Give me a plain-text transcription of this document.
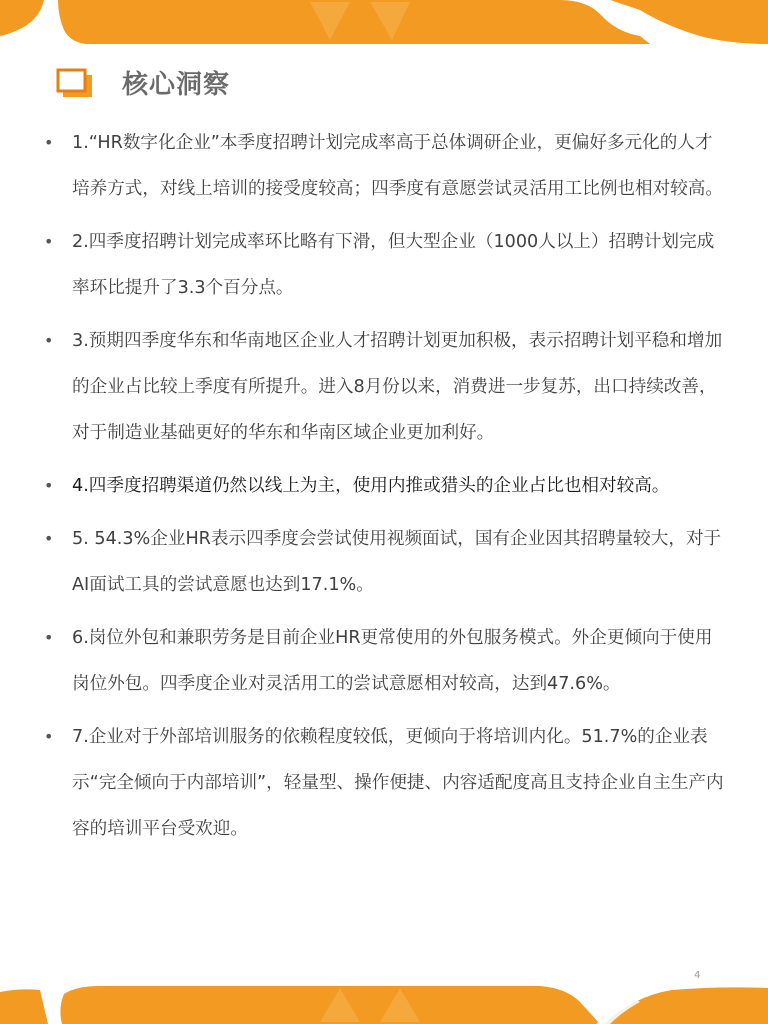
核心洞察
• 1.“HR数字化企业”本季度招聘计划完成率高于总体调研企业，更偏好多元化的人才培养方式，对线上培训的接受度较高；四季度有意愿尝试灵活用工比例也相对较高。
• 2.四季度招聘计划完成率环比略有下滑，但大型企业（1000人以上）招聘计划完成率环比提升了3.3个百分点。
• 3.预期四季度华东和华南地区企业人才招聘计划更加积极，表示招聘计划平稳和增加的企业占比较上季度有所提升。进入8月份以来，消费进一步复苏，出口持续改善，对于制造业基础更好的华东和华南区域企业更加利好。
• 4.四季度招聘渠道仍然以线上为主，使用内推或猎头的企业占比也相对较高。
• 5. 54.3%企业HR表示四季度会尝试使用视频面试，国有企业因其招聘量较大，对于AI面试工具的尝试意愿也达到17.1%。
• 6.岗位外包和兼职劳务是目前企业HR更常使用的外包服务模式。外企更倾向于使用岗位外包。四季度企业对灵活用工的尝试意愿相对较高，达到47.6%。
• 7.企业对于外部培训服务的依赖程度较低，更倾向于将培训内化。51.7%的企业表示“完全倾向于内部培训”，轻量型、操作便捷、内容适配度高且支持企业自主生产内容的培训平台受欢迎。
4
